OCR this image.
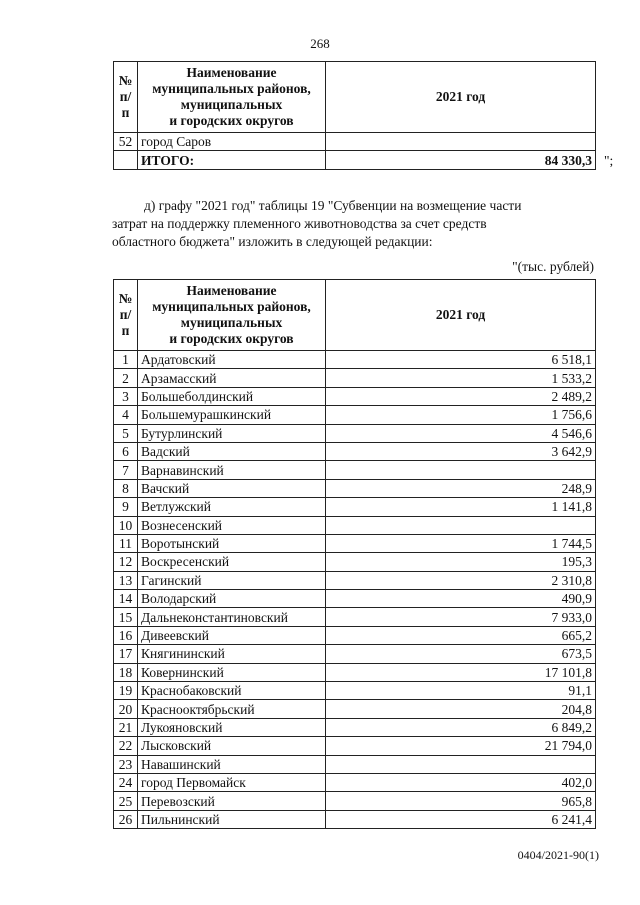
268
№ п/п	Наименование
муниципальных районов,
муниципальных
и городских округов	2021 год
52	город Саров	
	ИТОГО:	84 330,3 ";
д) графу "2021 год" таблицы 19 "Субвенции на возмещение части
затрат на поддержку племенного животноводства за счет средств
областного бюджета" изложить в следующей редакции:
"(тыс. рублей)
№ п/п	Наименование
муниципальных районов,
муниципальных
и городских округов	2021 год
1	Ардатовский	6 518,1
2	Арзамасский	1 533,2
3	Большеболдинский	2 489,2
4	Большемурашкинский	1 756,6
5	Бутурлинский	4 546,6
6	Вадский	3 642,9
7	Варнавинский	
8	Вачский	248,9
9	Ветлужский	1 141,8
10	Вознесенский	
11	Воротынский	1 744,5
12	Воскресенский	195,3
13	Гагинский	2 310,8
14	Володарский	490,9
15	Дальнеконстантиновский	7 933,0
16	Дивеевский	665,2
17	Княгининский	673,5
18	Ковернинский	17 101,8
19	Краснобаковский	91,1
20	Краснооктябрьский	204,8
21	Лукояновский	6 849,2
22	Лысковский	21 794,0
23	Навашинский	
24	город Первомайск	402,0
25	Перевозский	965,8
26	Пильнинский	6 241,4
0404/2021-90(1)
